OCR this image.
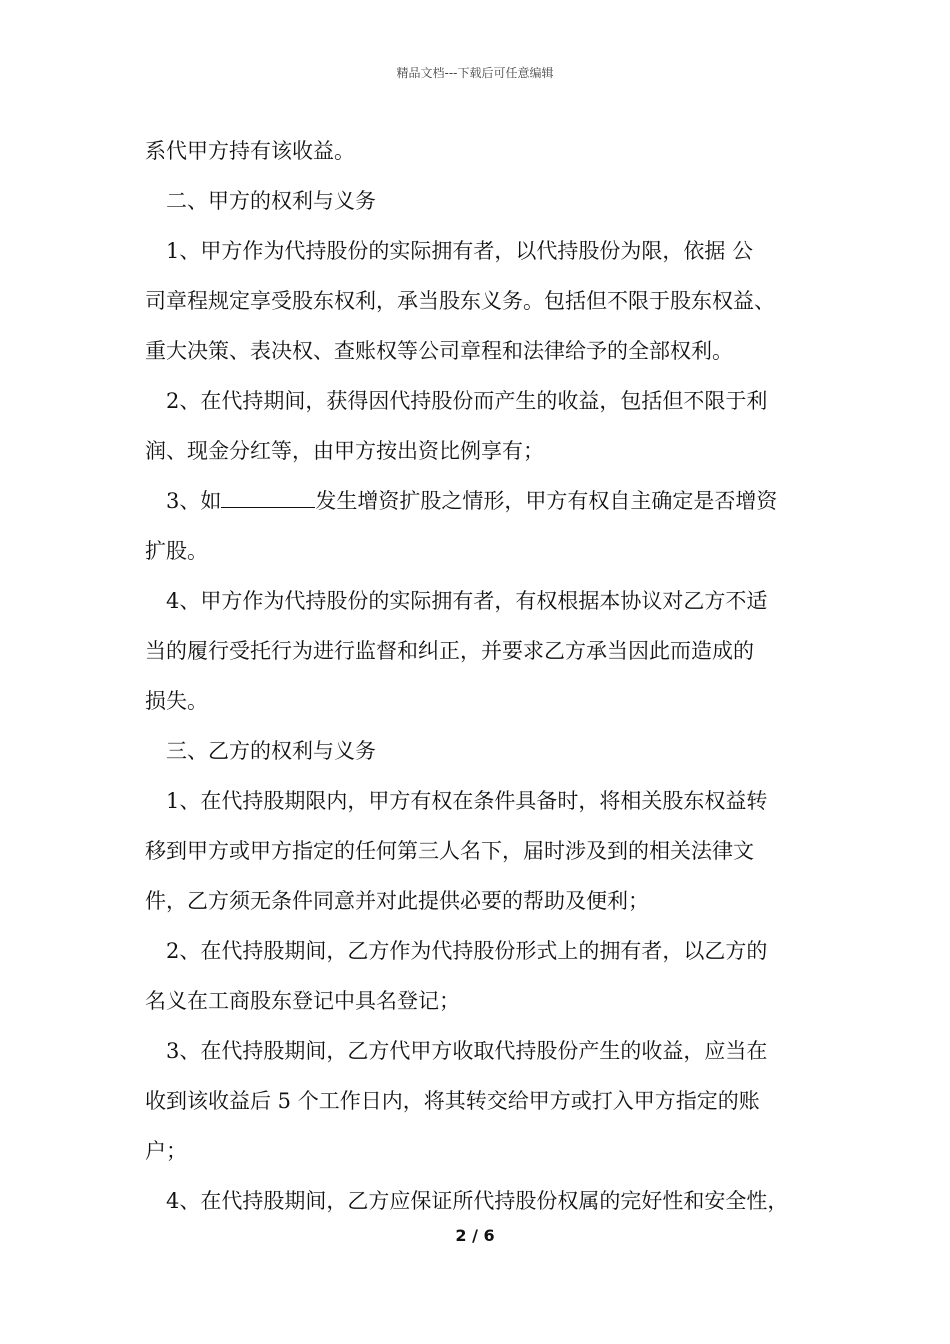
精品文档---下载后可任意编辑
系代甲方持有该收益。
二、甲方的权利与义务
1、甲方作为代持股份的实际拥有者，以代持股份为限，依据 公
司章程规定享受股东权利，承当股东义务。包括但不限于股东权益、
重大决策、表决权、查账权等公司章程和法律给予的全部权利。
2、在代持期间，获得因代持股份而产生的收益，包括但不限于利
润、现金分红等，由甲方按出资比例享有；
3、如	发生增资扩股之情形，甲方有权自主确定是否增资
扩股。
4、甲方作为代持股份的实际拥有者，有权根据本协议对乙方不适
当的履行受托行为进行监督和纠正，并要求乙方承当因此而造成的
损失。
三、乙方的权利与义务
1、在代持股期限内，甲方有权在条件具备时，将相关股东权益转
移到甲方或甲方指定的任何第三人名下，届时涉及到的相关法律文
件，乙方须无条件同意并对此提供必要的帮助及便利；
2、在代持股期间，乙方作为代持股份形式上的拥有者，以乙方的
名义在工商股东登记中具名登记；
3、在代持股期间，乙方代甲方收取代持股份产生的收益，应当在
收到该收益后 5 个工作日内，将其转交给甲方或打入甲方指定的账
户；
4、在代持股期间，乙方应保证所代持股份权属的完好性和安全性，
2 / 6
